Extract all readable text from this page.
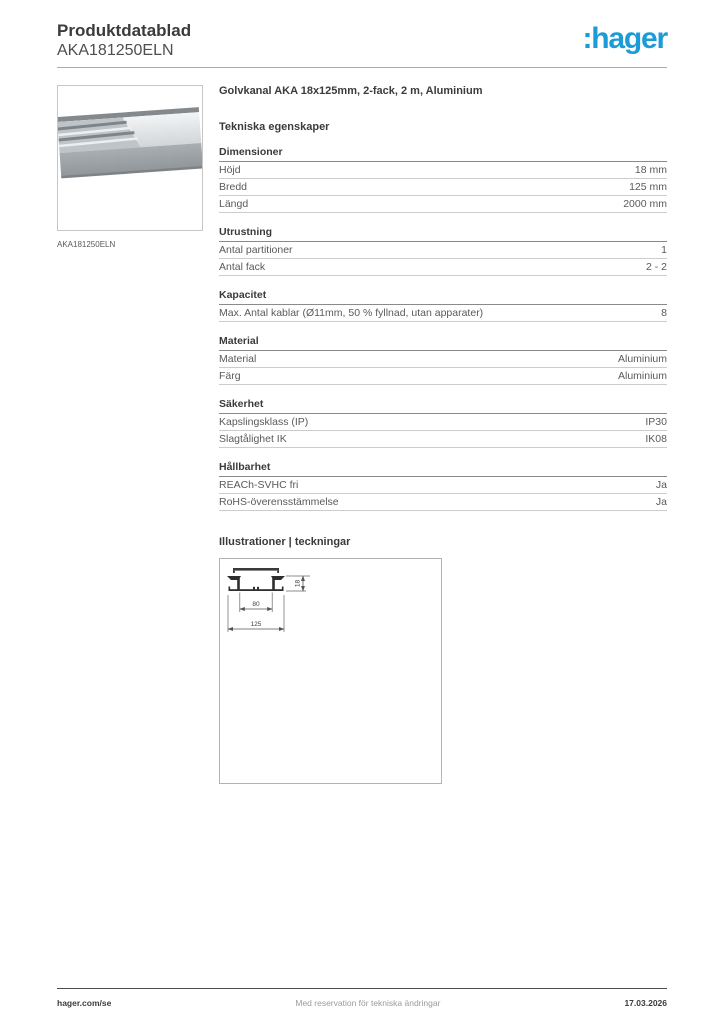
Produktdatablad
AKA181250ELN	:hager
AKA181250ELN
Golvkanal AKA 18x125mm, 2-fack, 2 m, Aluminium
Tekniska egenskaper
Dimensioner
Höjd	18 mm
Bredd	125 mm
Längd	2000 mm
Utrustning
Antal partitioner	1
Antal fack	2 - 2
Kapacitet
Max. Antal kablar (Ø11mm, 50 % fyllnad, utan apparater)	8
Material
Material	Aluminium
Färg	Aluminium
Säkerhet
Kapslingsklass (IP)	IP30
Slagtålighet IK	IK08
Hållbarhet
REACh-SVHC fri	Ja
RoHS-överensstämmelse	Ja
Illustrationer | teckningar
80
125
18
hager.com/se	Med reservation för tekniska ändringar	17.03.2026
